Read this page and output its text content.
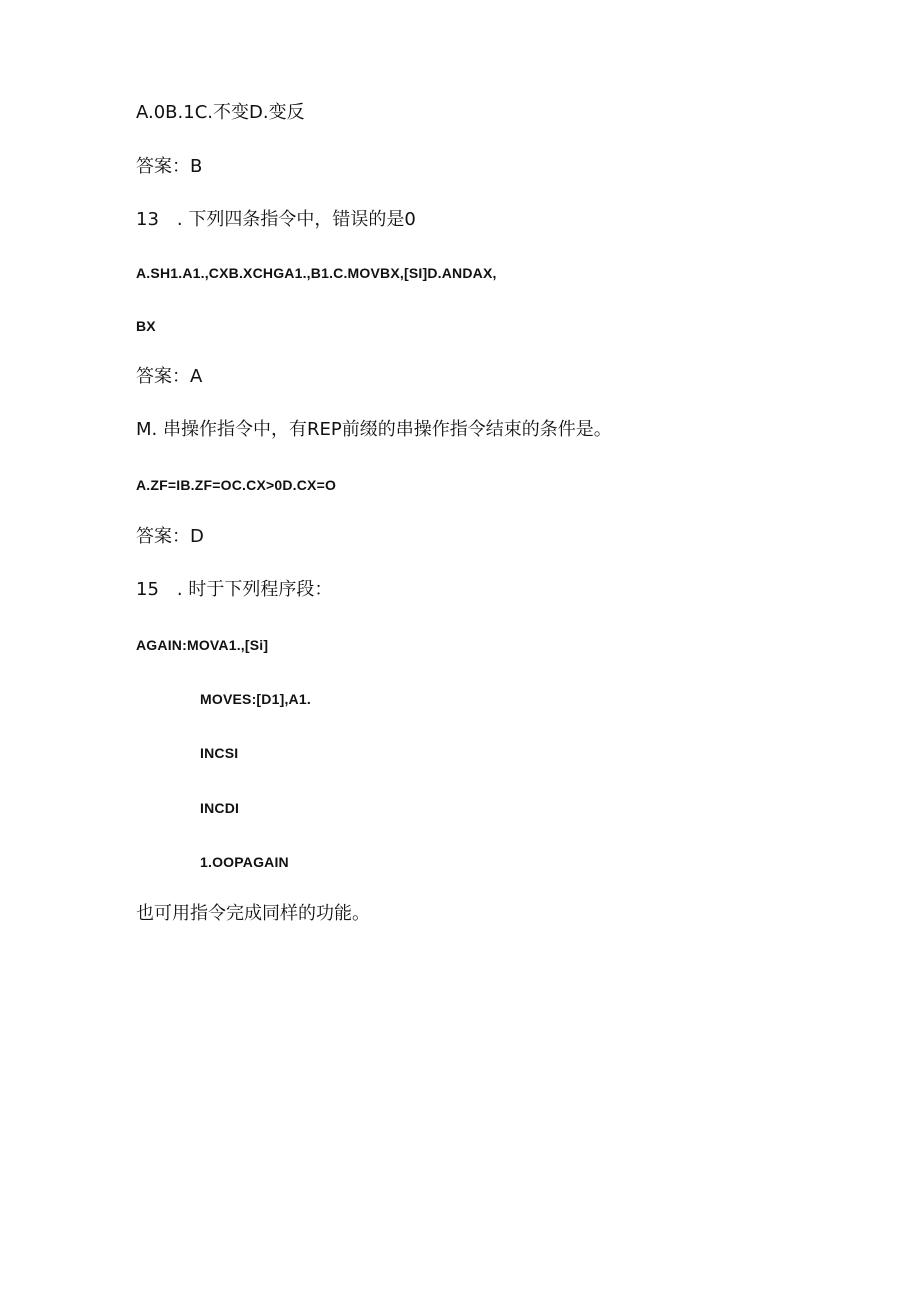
A.0B.1C.不变D.变反
答案：B
13　. 下列四条指令中，错误的是0
A.SH1.A1.,CXB.XCHGA1.,B1.C.MOVBX,[SI]D.ANDAX,
BX
答案：A
M. 串操作指令中，有REP前缀的串操作指令结束的条件是。
A.ZF=IB.ZF=OC.CX>0D.CX=O
答案：D
15　. 时于下列程序段：
AGAIN:MOVA1.,[Si]
MOVES:[D1],A1.
INCSI
INCDI
1.OOPAGAIN
也可用指令完成同样的功能。
